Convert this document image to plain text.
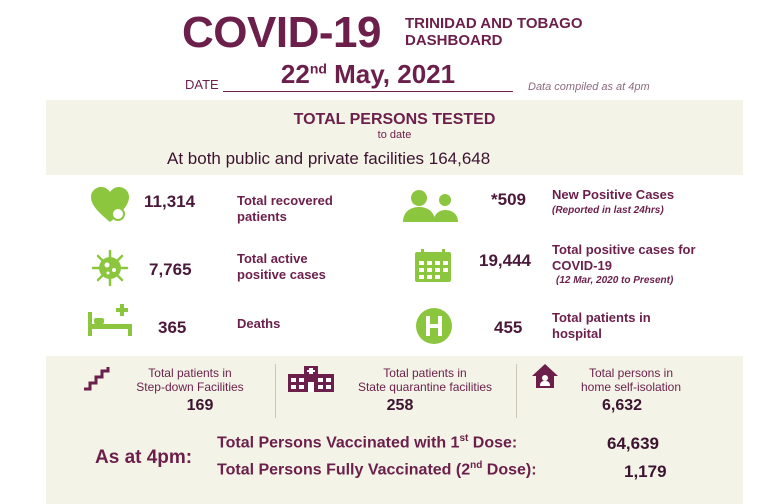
COVID-19 TRINIDAD AND TOBAGO
DASHBOARD
DATE	22nd May, 2021	Data compiled as at 4pm
TOTAL PERSONS TESTED
to date
At both public and private facilities 164,648
11,314	Total recovered patients
7,765
Total active positive cases
365	Deaths
*509 New Positive Cases
(Reported in last 24hrs)
19,444
Total positive cases for COVID-19
(12 Mar, 2020 to Present)
455
Total patients in hospital
Total patients in
Step-down Facilities
169
Total patients in
State quarantine facilities
258
Total persons in
home self-isolation
6,632
As at 4pm:
Total Persons Vaccinated with 1st Dose:	64,639
Total Persons Fully Vaccinated (2nd Dose):	1,179
